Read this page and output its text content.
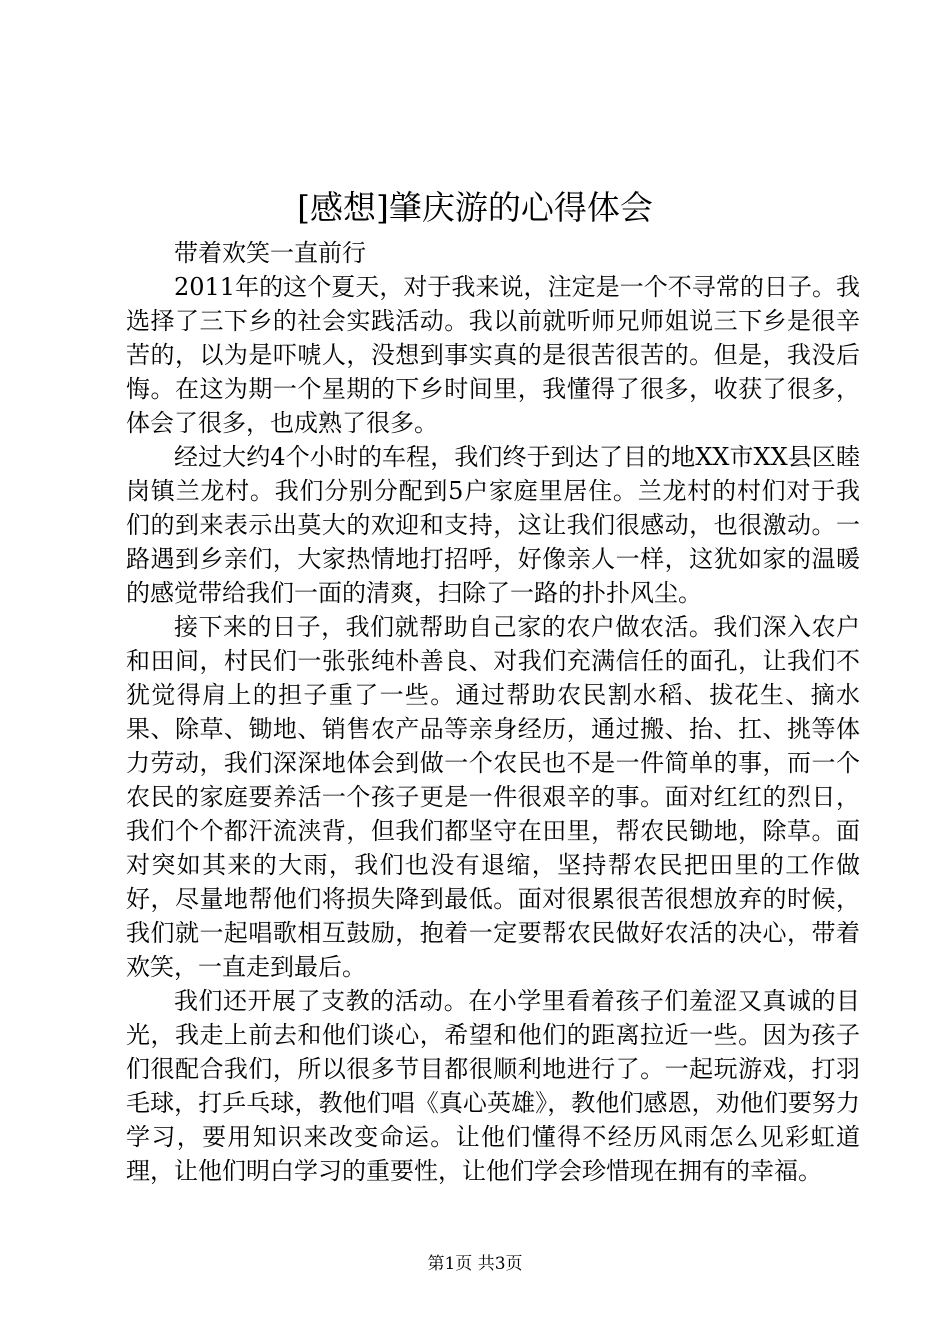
[感想]肇庆游的心得体会

带着欢笑一直前行

2011年的这个夏天，对于我来说，注定是一个不寻常的日子。我选择了三下乡的社会实践活动。我以前就听师兄师姐说三下乡是很辛苦的，以为是吓唬人，没想到事实真的是很苦很苦的。但是，我没后悔。在这为期一个星期的下乡时间里，我懂得了很多，收获了很多，体会了很多，也成熟了很多。

经过大约4个小时的车程，我们终于到达了目的地XX市XX县区睦岗镇兰龙村。我们分别分配到5户家庭里居住。兰龙村的村们对于我们的到来表示出莫大的欢迎和支持，这让我们很感动，也很激动。一路遇到乡亲们，大家热情地打招呼，好像亲人一样，这犹如家的温暖的感觉带给我们一面的清爽，扫除了一路的扑扑风尘。

接下来的日子，我们就帮助自己家的农户做农活。我们深入农户和田间，村民们一张张纯朴善良、对我们充满信任的面孔，让我们不犹觉得肩上的担子重了一些。通过帮助农民割水稻、拔花生、摘水果、除草、锄地、销售农产品等亲身经历，通过搬、抬、扛、挑等体力劳动，我们深深地体会到做一个农民也不是一件简单的事，而一个农民的家庭要养活一个孩子更是一件很艰辛的事。面对红红的烈日，我们个个都汗流浃背，但我们都坚守在田里，帮农民锄地，除草。面对突如其来的大雨，我们也没有退缩，坚持帮农民把田里的工作做好，尽量地帮他们将损失降到最低。面对很累很苦很想放弃的时候，我们就一起唱歌相互鼓励，抱着一定要帮农民做好农活的决心，带着欢笑，一直走到最后。

我们还开展了支教的活动。在小学里看着孩子们羞涩又真诚的目光，我走上前去和他们谈心，希望和他们的距离拉近一些。因为孩子们很配合我们，所以很多节目都很顺利地进行了。一起玩游戏，打羽毛球，打乒乓球，教他们唱《真心英雄》，教他们感恩，劝他们要努力学习，要用知识来改变命运。让他们懂得不经历风雨怎么见彩虹道理，让他们明白学习的重要性，让他们学会珍惜现在拥有的幸福。

第1页 共3页
